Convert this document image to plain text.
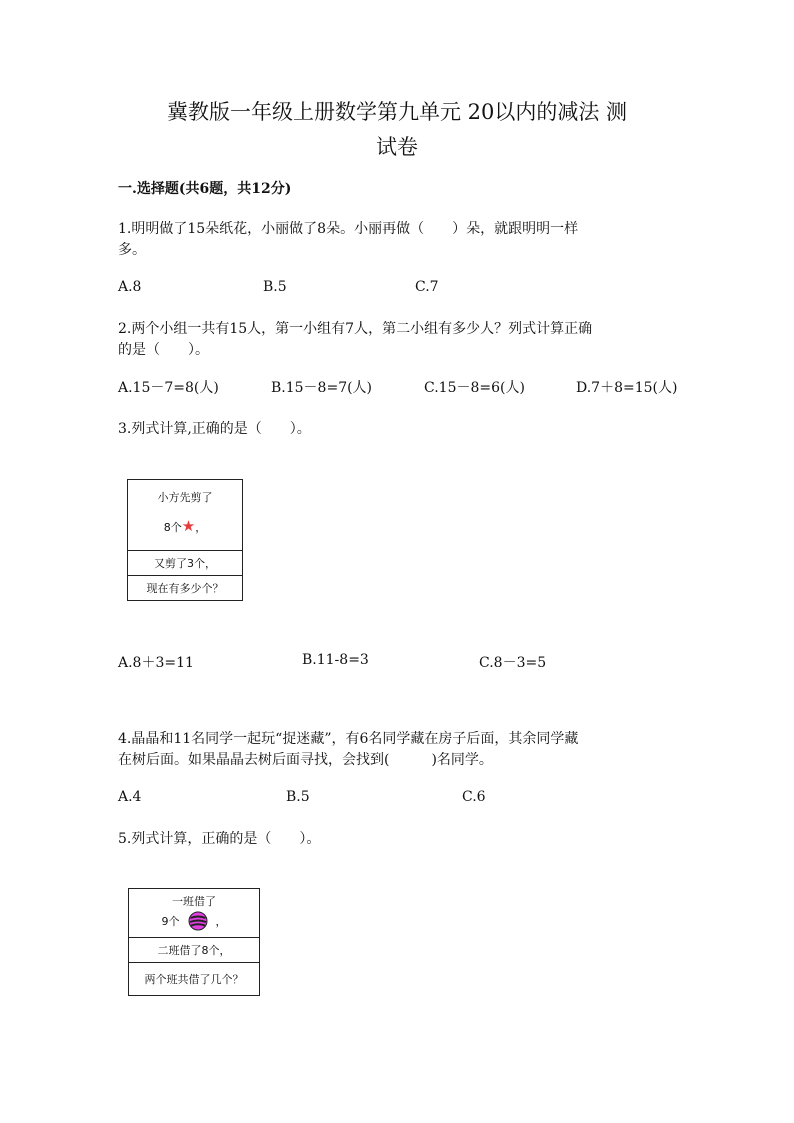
冀教版一年级上册数学第九单元 20以内的减法 测
试卷
一.选择题(共6题，共12分)
1.明明做了15朵纸花，小丽做了8朵。小丽再做（　　）朵，就跟明明一样
多。
A.8	B.5	C.7
2.两个小组一共有15人，第一小组有7人，第二小组有多少人？列式计算正确
的是（　　）。
A.15－7=8(人)	B.15－8=7(人)	C.15－8=6(人)	D.7＋8=15(人)
3.列式计算,正确的是（　　）。
小方先剪了
8个★，

又剪了3个，
现在有多少个？
A.8＋3=11	B.11-8=3	C.8－3=5
4.晶晶和11名同学一起玩“捉迷藏”，有6名同学藏在房子后面，其余同学藏
在树后面。如果晶晶去树后面寻找，会找到(　　　)名同学。
A.4	B.5	C.6
5.列式计算，正确的是（　　）。
一班借了
9个	，

二班借了8个，
两个班共借了几个？
